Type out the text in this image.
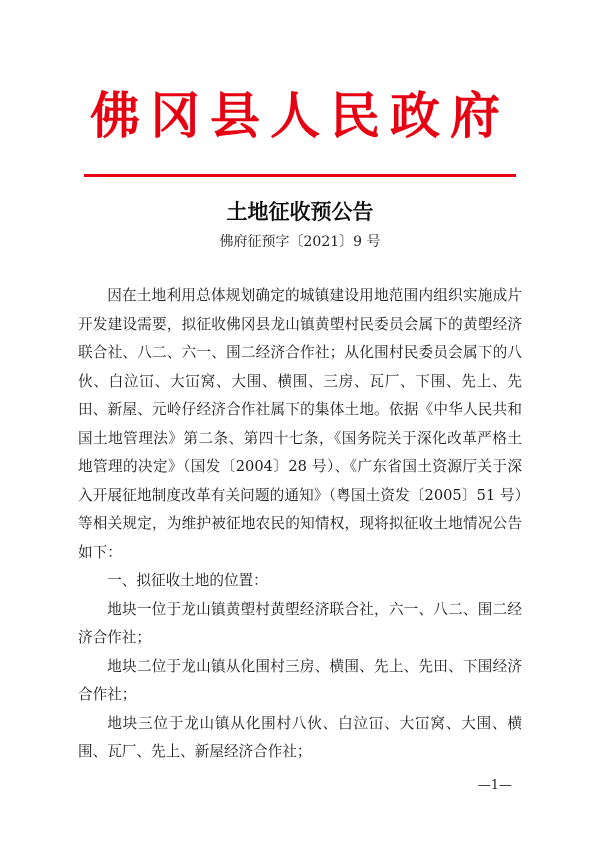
佛冈县人民政府
土地征收预公告
佛府征预字〔2021〕9 号

因在土地利用总体规划确定的城镇建设用地范围内组织实施成片开发建设需要，拟征收佛冈县龙山镇黄塱村民委员会属下的黄塱经济联合社、八二、六一、围二经济合作社；从化围村民委员会属下的八伙、白泣冚、大冚窝、大围、横围、三房、瓦厂、下围、先上、先田、新屋、元岭仔经济合作社属下的集体土地。依据《中华人民共和国土地管理法》第二条、第四十七条，《国务院关于深化改革严格土地管理的决定》（国发〔2004〕28 号）、《广东省国土资源厅关于深入开展征地制度改革有关问题的通知》（粤国土资发〔2005〕51 号）等相关规定，为维护被征地农民的知情权，现将拟征收土地情况公告如下：

一、拟征收土地的位置：

地块一位于龙山镇黄塱村黄塱经济联合社，六一、八二、围二经济合作社；

地块二位于龙山镇从化围村三房、横围、先上、先田、下围经济合作社；

地块三位于龙山镇从化围村八伙、白泣冚、大冚窝、大围、横围、瓦厂、先上、新屋经济合作社；

—1—
